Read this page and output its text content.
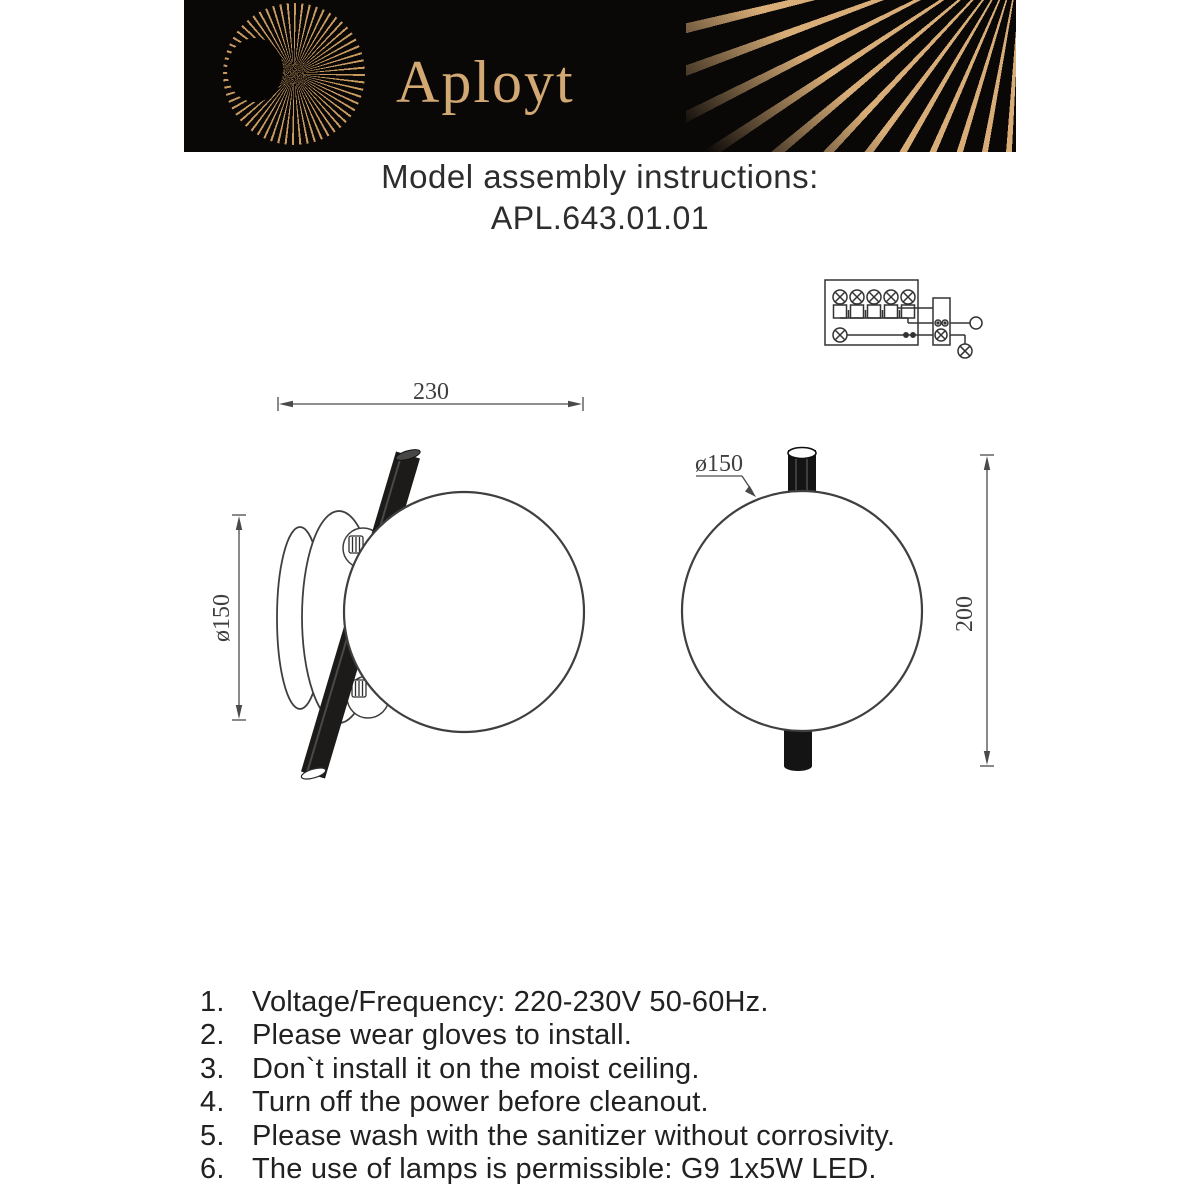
Aployt
Model assembly instructions:
APL.643.01.01
230
ø150
ø150
200
1. Voltage/Frequency: 220-230V 50-60Hz.
2. Please wear gloves to install.
3. Don`t install it on the moist ceiling.
4. Turn off the power before cleanout.
5. Please wash with the sanitizer without corrosivity.
6. The use of lamps is permissible: G9 1x5W LED.
